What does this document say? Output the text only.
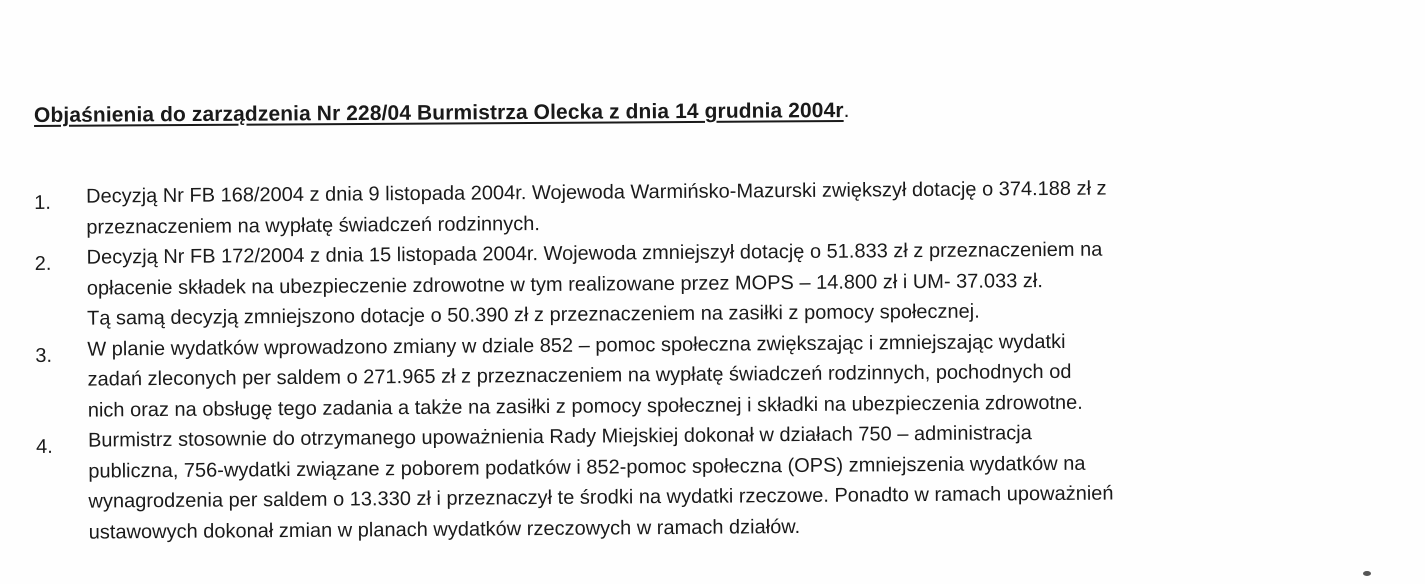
Objaśnienia do zarządzenia Nr 228/04 Burmistrza Olecka z dnia 14 grudnia 2004r.
1. Decyzją Nr FB 168/2004 z dnia 9 listopada 2004r. Wojewoda Warmińsko-Mazurski zwiększył dotację o 374.188 zł z
przeznaczeniem na wypłatę świadczeń rodzinnych.
2. Decyzją Nr FB 172/2004 z dnia 15 listopada 2004r. Wojewoda zmniejszył dotację o 51.833 zł z przeznaczeniem na
opłacenie składek na ubezpieczenie zdrowotne w tym realizowane przez MOPS – 14.800 zł i UM- 37.033 zł.
Tą samą decyzją zmniejszono dotacje o 50.390 zł z przeznaczeniem na zasiłki z pomocy społecznej.
3. W planie wydatków wprowadzono zmiany w dziale 852 – pomoc społeczna zwiększając i zmniejszając wydatki
zadań zleconych per saldem o 271.965 zł z przeznaczeniem na wypłatę świadczeń rodzinnych, pochodnych od
nich oraz na obsługę tego zadania a także na zasiłki z pomocy społecznej i składki na ubezpieczenia zdrowotne.
4. Burmistrz stosownie do otrzymanego upoważnienia Rady Miejskiej dokonał w działach 750 – administracja
publiczna, 756-wydatki związane z poborem podatków i 852-pomoc społeczna (OPS) zmniejszenia wydatków na
wynagrodzenia per saldem o 13.330 zł i przeznaczył te środki na wydatki rzeczowe. Ponadto w ramach upoważnień
ustawowych dokonał zmian w planach wydatków rzeczowych w ramach działów.
